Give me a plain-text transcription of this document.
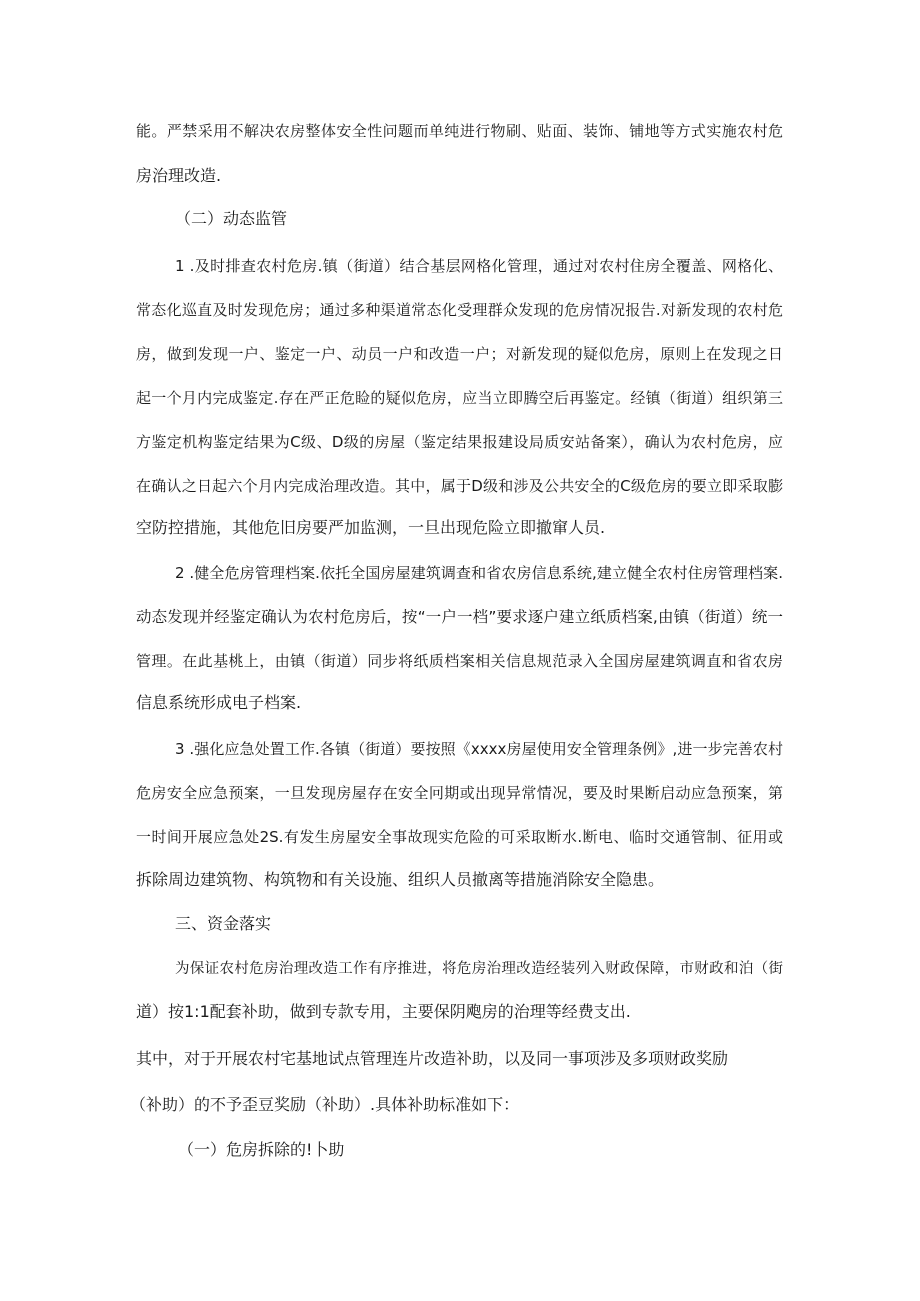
能。严禁采用不解决农房整体安全性问题而单纯进行物刷、贴面、装饰、铺地等方式实施农村危
房治理改造.
（二）动态监管
1 .及时排查农村危房.镇（街道）结合基层网格化管理，通过对农村住房全覆盖、网格化、
常态化巡直及时发现危房；通过多种渠道常态化受理群众发现的危房情况报告.对新发现的农村危
房，做到发现一户、鉴定一户、动员一户和改造一户；对新发现的疑似危房，原则上在发现之日
起一个月内完成鉴定.存在严正危睑的疑似危房，应当立即腾空后再鉴定。经镇（街道）组织第三
方鉴定机构鉴定结果为C级、D级的房屋（鉴定结果报建设局质安站备案），确认为农村危房，应
在确认之日起六个月内完成治理改造。其中，属于D级和涉及公共安全的C级危房的要立即采取膨
空防控措施，其他危旧房要严加监测，一旦出现危险立即撤窜人员.
2 .健全危房管理档案.依托全国房屋建筑调查和省农房信息系统,建立健全农村住房管理档案.
动态发现并经鉴定确认为农村危房后，按“一户一档”要求逐户建立纸质档案,由镇（街道）统一
管理。在此基桃上，由镇（街道）同步将纸质档案相关信息规范录入全国房屋建筑调直和省农房
信息系统形成电子档案.
3 .强化应急处置工作.各镇（街道）要按照《xxxx房屋使用安全管理条例》,进一步完善农村
危房安全应急预案，一旦发现房屋存在安全冋期或出现异常情况，要及时果断启动应急预案，第
一时间开展应急处2S.有发生房屋安全事故现实危险的可采取断水.断电、临时交通管制、征用或
拆除周边建筑物、构筑物和有关设施、组织人员撤离等措施消除安全隐患。
三、资金落实
为保证农村危房治理改造工作有序推进，将危房治理改造经装列入财政保障，市财政和泊（街
道）按1:1配套补助，做到专款专用，主要保阴飑房的治理等经费支出.
其中，对于开展农村宅基地试点管理连片改造补助，以及同一事项涉及多项财政奖励
（补助）的不予歪豆奖励（补助）.具体补助标准如下：
（一）危房拆除的!卜助
